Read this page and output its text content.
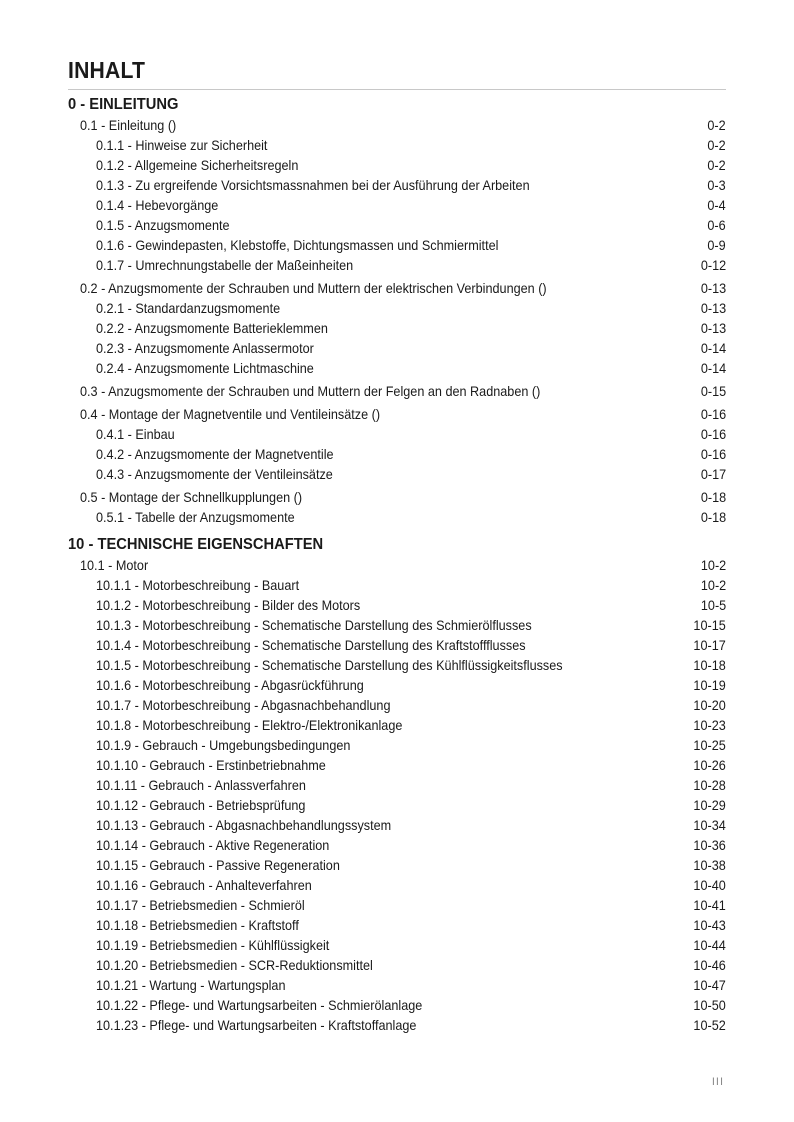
INHALT
0 - EINLEITUNG
0.1 - Einleitung ()	0-2
0.1.1 - Hinweise zur Sicherheit	0-2
0.1.2 - Allgemeine Sicherheitsregeln	0-2
0.1.3 - Zu ergreifende Vorsichtsmassnahmen bei der Ausführung der Arbeiten	0-3
0.1.4 - Hebevorgänge	0-4
0.1.5 - Anzugsmomente	0-6
0.1.6 - Gewindepasten, Klebstoffe, Dichtungsmassen und Schmiermittel	0-9
0.1.7 - Umrechnungstabelle der Maßeinheiten	0-12
0.2 - Anzugsmomente der Schrauben und Muttern der elektrischen Verbindungen ()	0-13
0.2.1 - Standardanzugsmomente	0-13
0.2.2 - Anzugsmomente Batterieklemmen	0-13
0.2.3 - Anzugsmomente Anlassermotor	0-14
0.2.4 - Anzugsmomente Lichtmaschine	0-14
0.3 - Anzugsmomente der Schrauben und Muttern der Felgen an den Radnaben ()	0-15
0.4 - Montage der Magnetventile und Ventileinsätze ()	0-16
0.4.1 - Einbau	0-16
0.4.2 - Anzugsmomente der Magnetventile	0-16
0.4.3 - Anzugsmomente der Ventileinsätze	0-17
0.5 - Montage der Schnellkupplungen ()	0-18
0.5.1 - Tabelle der Anzugsmomente	0-18
10 - TECHNISCHE EIGENSCHAFTEN
10.1 - Motor	10-2
10.1.1 - Motorbeschreibung - Bauart	10-2
10.1.2 - Motorbeschreibung - Bilder des Motors	10-5
10.1.3 - Motorbeschreibung - Schematische Darstellung des Schmierölflusses	10-15
10.1.4 - Motorbeschreibung - Schematische Darstellung des Kraftstoffflusses	10-17
10.1.5 - Motorbeschreibung - Schematische Darstellung des Kühlflüssigkeitsflusses	10-18
10.1.6 - Motorbeschreibung - Abgasrückführung	10-19
10.1.7 - Motorbeschreibung - Abgasnachbehandlung	10-20
10.1.8 - Motorbeschreibung - Elektro-/Elektronikanlage	10-23
10.1.9 - Gebrauch - Umgebungsbedingungen	10-25
10.1.10 - Gebrauch - Erstinbetriebnahme	10-26
10.1.11 - Gebrauch - Anlassverfahren	10-28
10.1.12 - Gebrauch - Betriebsprüfung	10-29
10.1.13 - Gebrauch - Abgasnachbehandlungssystem	10-34
10.1.14 - Gebrauch - Aktive Regeneration	10-36
10.1.15 - Gebrauch - Passive Regeneration	10-38
10.1.16 - Gebrauch - Anhalteverfahren	10-40
10.1.17 - Betriebsmedien - Schmieröl	10-41
10.1.18 - Betriebsmedien - Kraftstoff	10-43
10.1.19 - Betriebsmedien - Kühlflüssigkeit	10-44
10.1.20 - Betriebsmedien - SCR-Reduktionsmittel	10-46
10.1.21 - Wartung - Wartungsplan	10-47
10.1.22 - Pflege- und Wartungsarbeiten - Schmierölanlage	10-50
10.1.23 - Pflege- und Wartungsarbeiten - Kraftstoffanlage	10-52
III
